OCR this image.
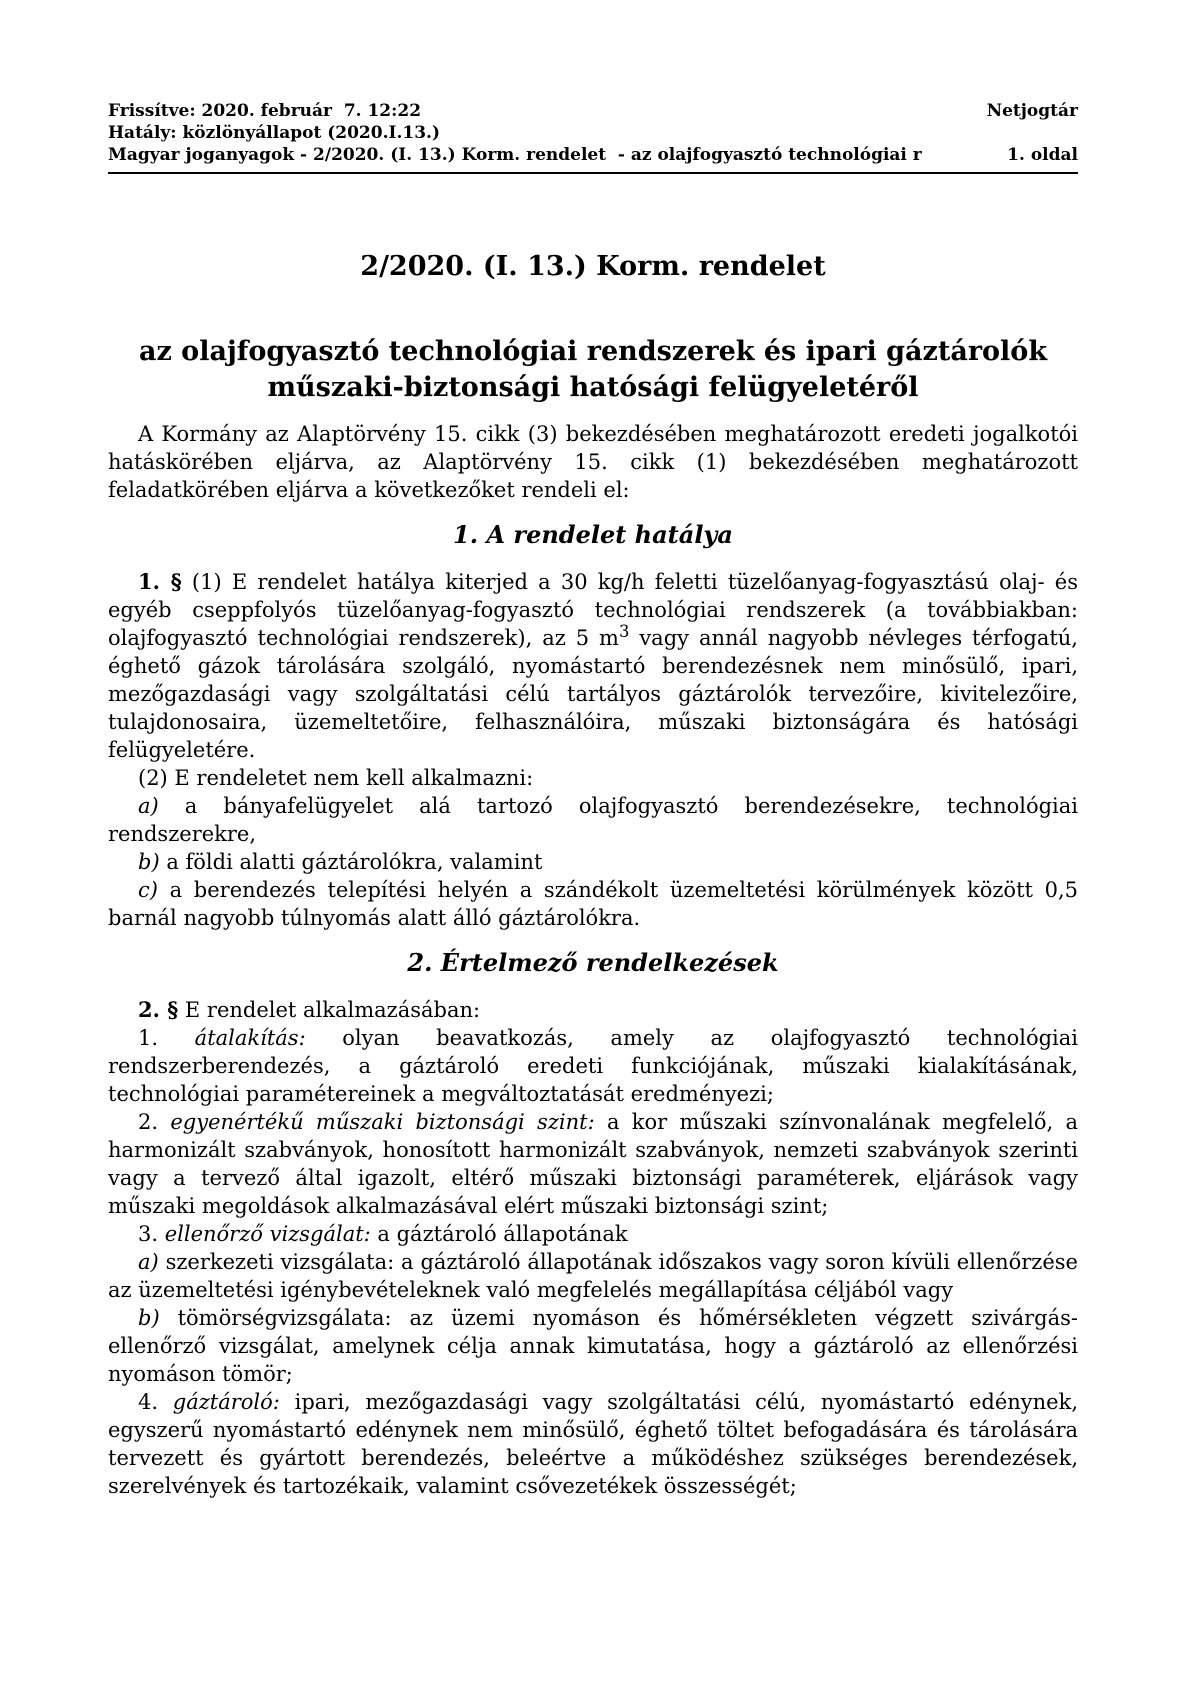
Frissítve: 2020. február  7. 12:22	Netjogtár
Hatály: közlönyállapot (2020.I.13.)
Magyar joganyagok - 2/2020. (I. 13.) Korm. rendelet  - az olajfogyasztó technológiai r	1. oldal
2/2020. (I. 13.) Korm. rendelet
az olajfogyasztó technológiai rendszerek és ipari gáztárolók műszaki-biztonsági hatósági felügyeletéről

A Kormány az Alaptörvény 15. cikk (3) bekezdésében meghatározott eredeti jogalkotói hatáskörében eljárva, az Alaptörvény 15. cikk (1) bekezdésében meghatározott feladatkörében eljárva a következőket rendeli el:

1. A rendelet hatálya

1. § (1) E rendelet hatálya kiterjed a 30 kg/h feletti tüzelőanyag-fogyasztású olaj- és egyéb cseppfolyós tüzelőanyag-fogyasztó technológiai rendszerek (a továbbiakban: olajfogyasztó technológiai rendszerek), az 5 $m^3$ vagy annál nagyobb névleges térfogatú, éghető gázok tárolására szolgáló, nyomástartó berendezésnek nem minősülő, ipari, mezőgazdasági vagy szolgáltatási célú tartályos gáztárolók tervezőire, kivitelezőire, tulajdonosaira, üzemeltetőire, felhasználóira, műszaki biztonságára és hatósági felügyeletére.

(2) E rendeletet nem kell alkalmazni:

a) a bányafelügyelet alá tartozó olajfogyasztó berendezésekre, technológiai rendszerekre,

b) a földi alatti gáztárolókra, valamint

c) a berendezés telepítési helyén a szándékolt üzemeltetési körülmények között 0,5 barnál nagyobb túlnyomás alatt álló gáztárolókra.

2. Értelmező rendelkezések

2. § E rendelet alkalmazásában:

1. átalakítás: olyan beavatkozás, amely az olajfogyasztó technológiai rendszerberendezés, a gáztároló eredeti funkciójának, műszaki kialakításának, technológiai paramétereinek a megváltoztatását eredményezi;

2. egyenértékű műszaki biztonsági szint: a kor műszaki színvonalának megfelelő, a harmonizált szabványok, honosított harmonizált szabványok, nemzeti szabványok szerinti vagy a tervező által igazolt, eltérő műszaki biztonsági paraméterek, eljárások vagy műszaki megoldások alkalmazásával elért műszaki biztonsági szint;

3. ellenőrző vizsgálat: a gáztároló állapotának

a) szerkezeti vizsgálata: a gáztároló állapotának időszakos vagy soron kívüli ellenőrzése az üzemeltetési igénybevételeknek való megfelelés megállapítása céljából vagy

b) tömörségvizsgálata: az üzemi nyomáson és hőmérsékleten végzett szivárgás-ellenőrző vizsgálat, amelynek célja annak kimutatása, hogy a gáztároló az ellenőrzési nyomáson tömör;

4. gáztároló: ipari, mezőgazdasági vagy szolgáltatási célú, nyomástartó edénynek, egyszerű nyomástartó edénynek nem minősülő, éghető töltet befogadására és tárolására tervezett és gyártott berendezés, beleértve a működéshez szükséges berendezések, szerelvények és tartozékaik, valamint csővezetékek összességét;
